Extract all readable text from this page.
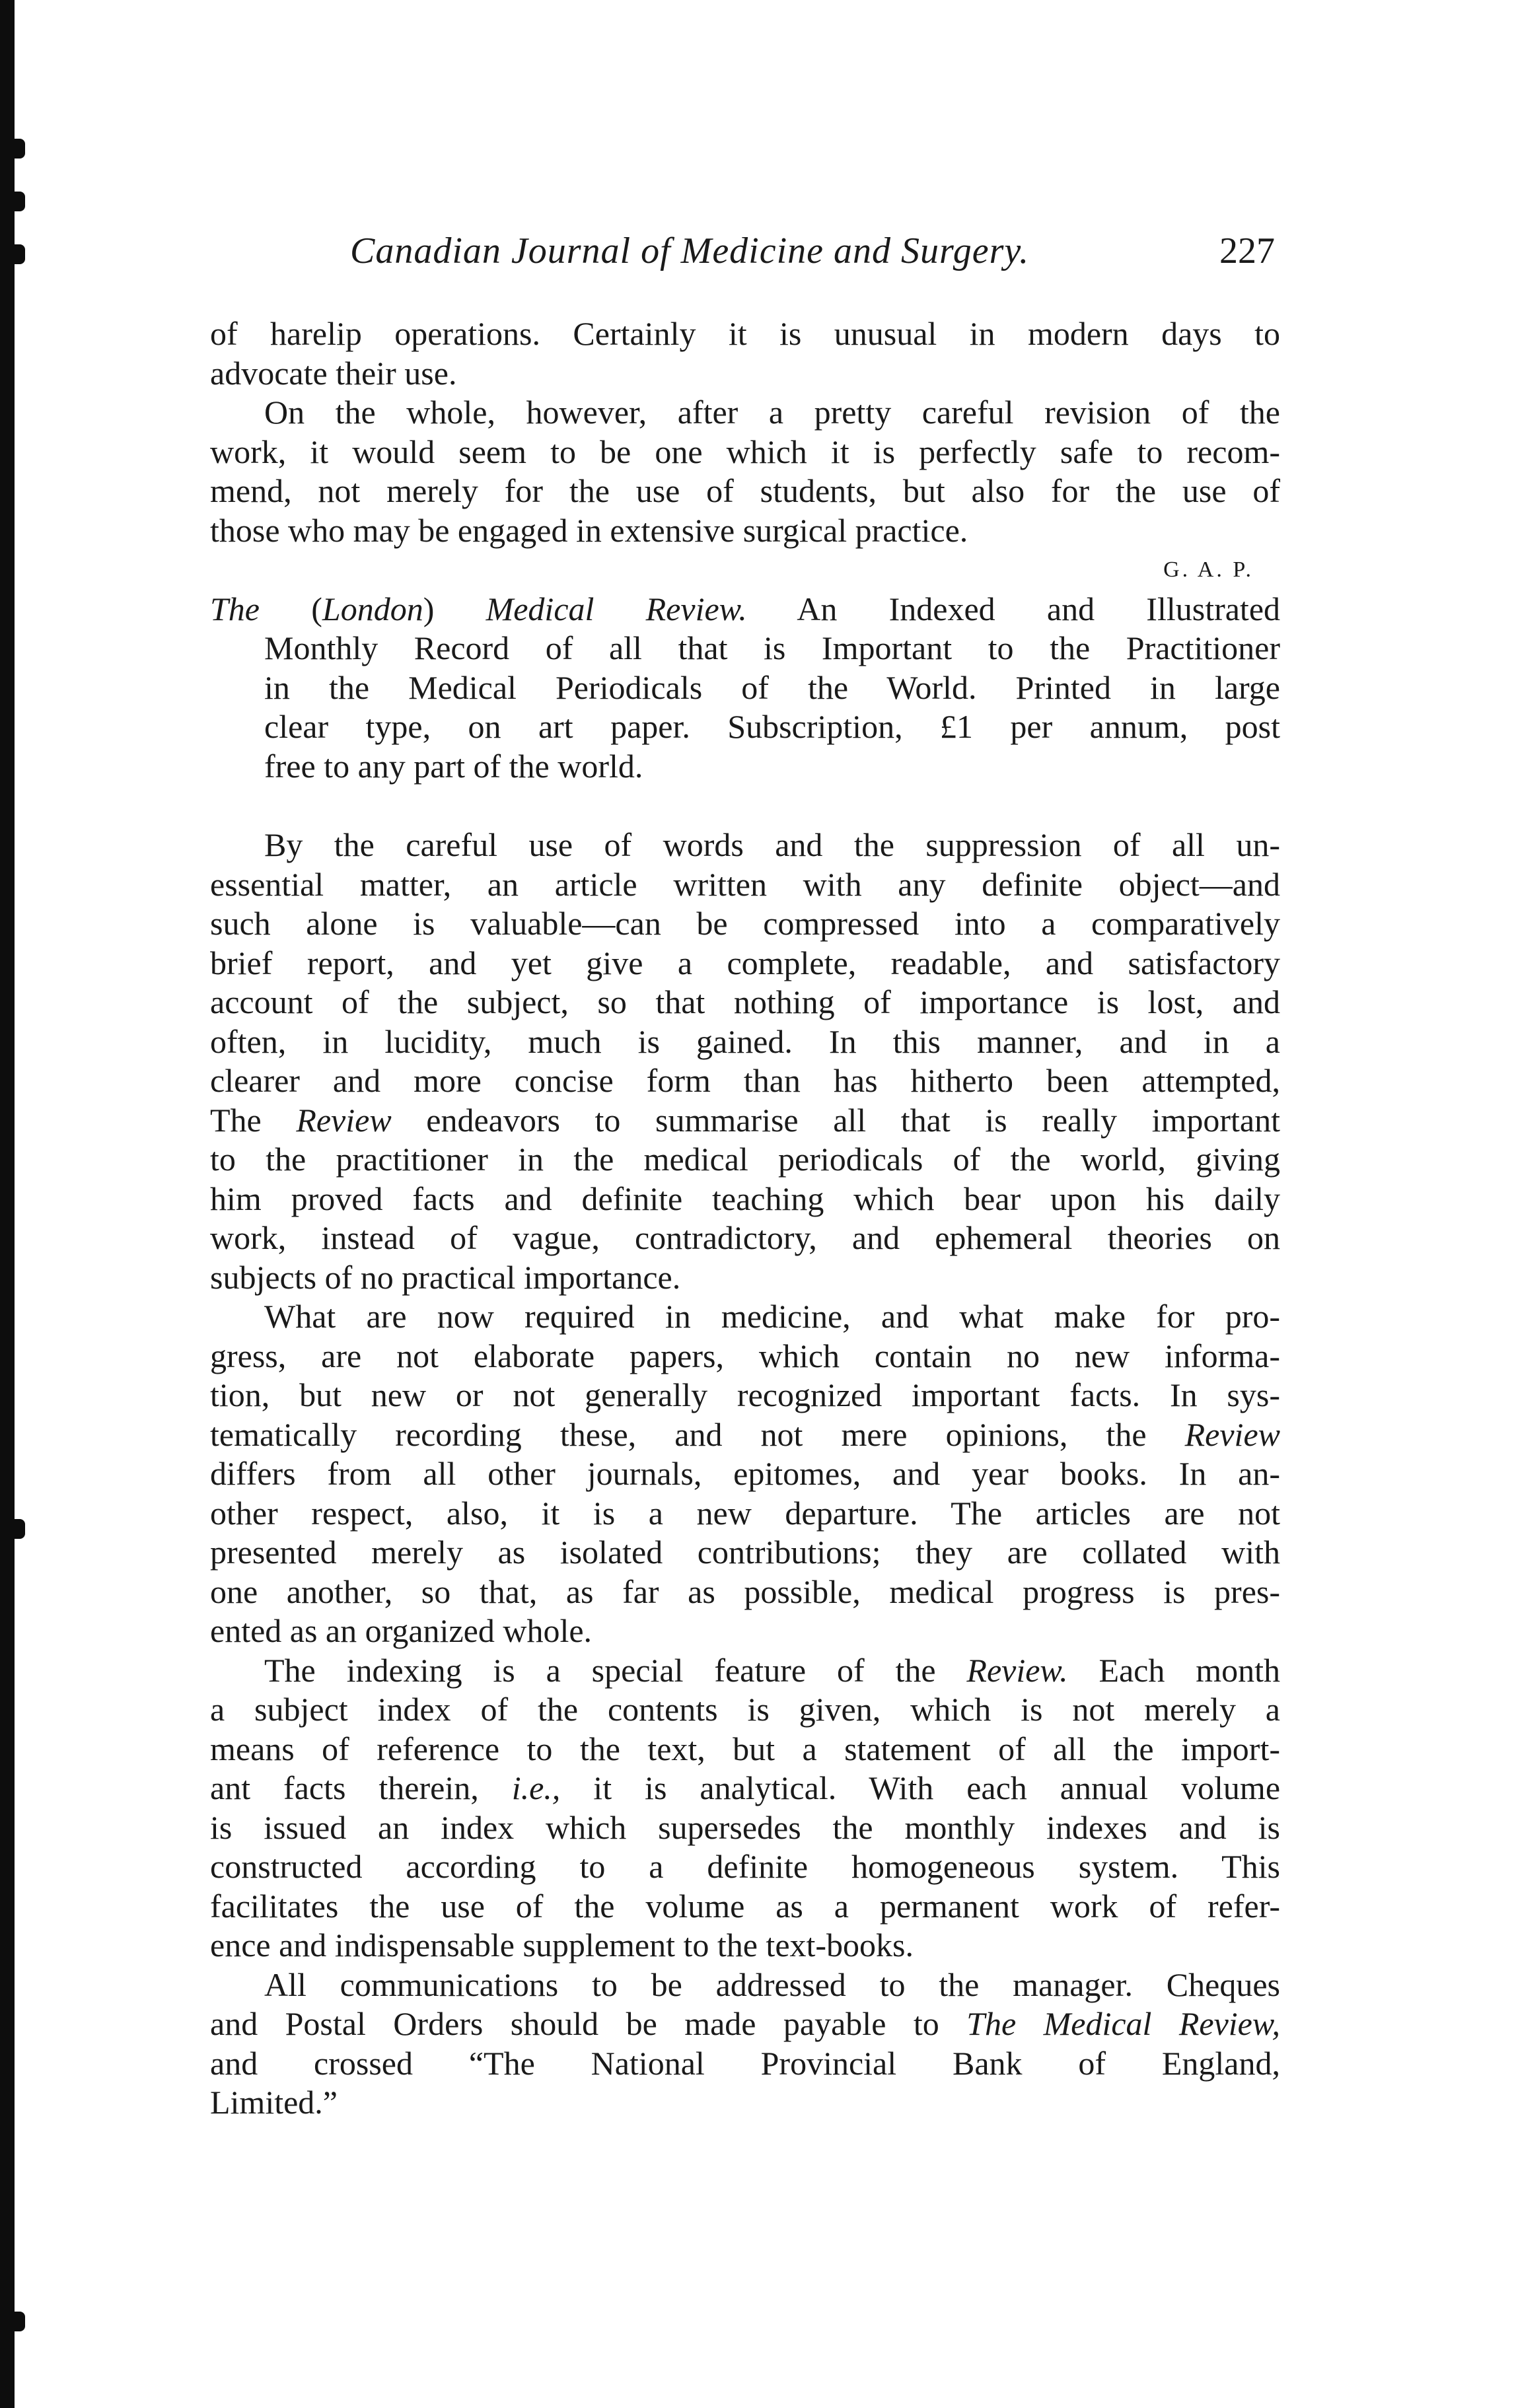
Canadian Journal of Medicine and Surgery.	227
of harelip operations. Certainly it is unusual in modern days to
advocate their use.
On the whole, however, after a pretty careful revision of the
work, it would seem to be one which it is perfectly safe to recom-
mend, not merely for the use of students, but also for the use of
those who may be engaged in extensive surgical practice.
G. A. P.
The (London) Medical Review. An Indexed and Illustrated
Monthly Record of all that is Important to the Practitioner
in the Medical Periodicals of the World. Printed in large
clear type, on art paper. Subscription, £1 per annum, post
free to any part of the world.
By the careful use of words and the suppression of all un-
essential matter, an article written with any definite object—and
such alone is valuable—can be compressed into a comparatively
brief report, and yet give a complete, readable, and satisfactory
account of the subject, so that nothing of importance is lost, and
often, in lucidity, much is gained. In this manner, and in a
clearer and more concise form than has hitherto been attempted,
The Review endeavors to summarise all that is really important
to the practitioner in the medical periodicals of the world, giving
him proved facts and definite teaching which bear upon his daily
work, instead of vague, contradictory, and ephemeral theories on
subjects of no practical importance.
What are now required in medicine, and what make for pro-
gress, are not elaborate papers, which contain no new informa-
tion, but new or not generally recognized important facts. In sys-
tematically recording these, and not mere opinions, the Review
differs from all other journals, epitomes, and year books. In an-
other respect, also, it is a new departure. The articles are not
presented merely as isolated contributions; they are collated with
one another, so that, as far as possible, medical progress is pres-
ented as an organized whole.
The indexing is a special feature of the Review. Each month
a subject index of the contents is given, which is not merely a
means of reference to the text, but a statement of all the import-
ant facts therein, i.e., it is analytical. With each annual volume
is issued an index which supersedes the monthly indexes and is
constructed according to a definite homogeneous system. This
facilitates the use of the volume as a permanent work of refer-
ence and indispensable supplement to the text-books.
All communications to be addressed to the manager. Cheques
and Postal Orders should be made payable to The Medical Review,
and crossed “The National Provincial Bank of England,
Limited.”
